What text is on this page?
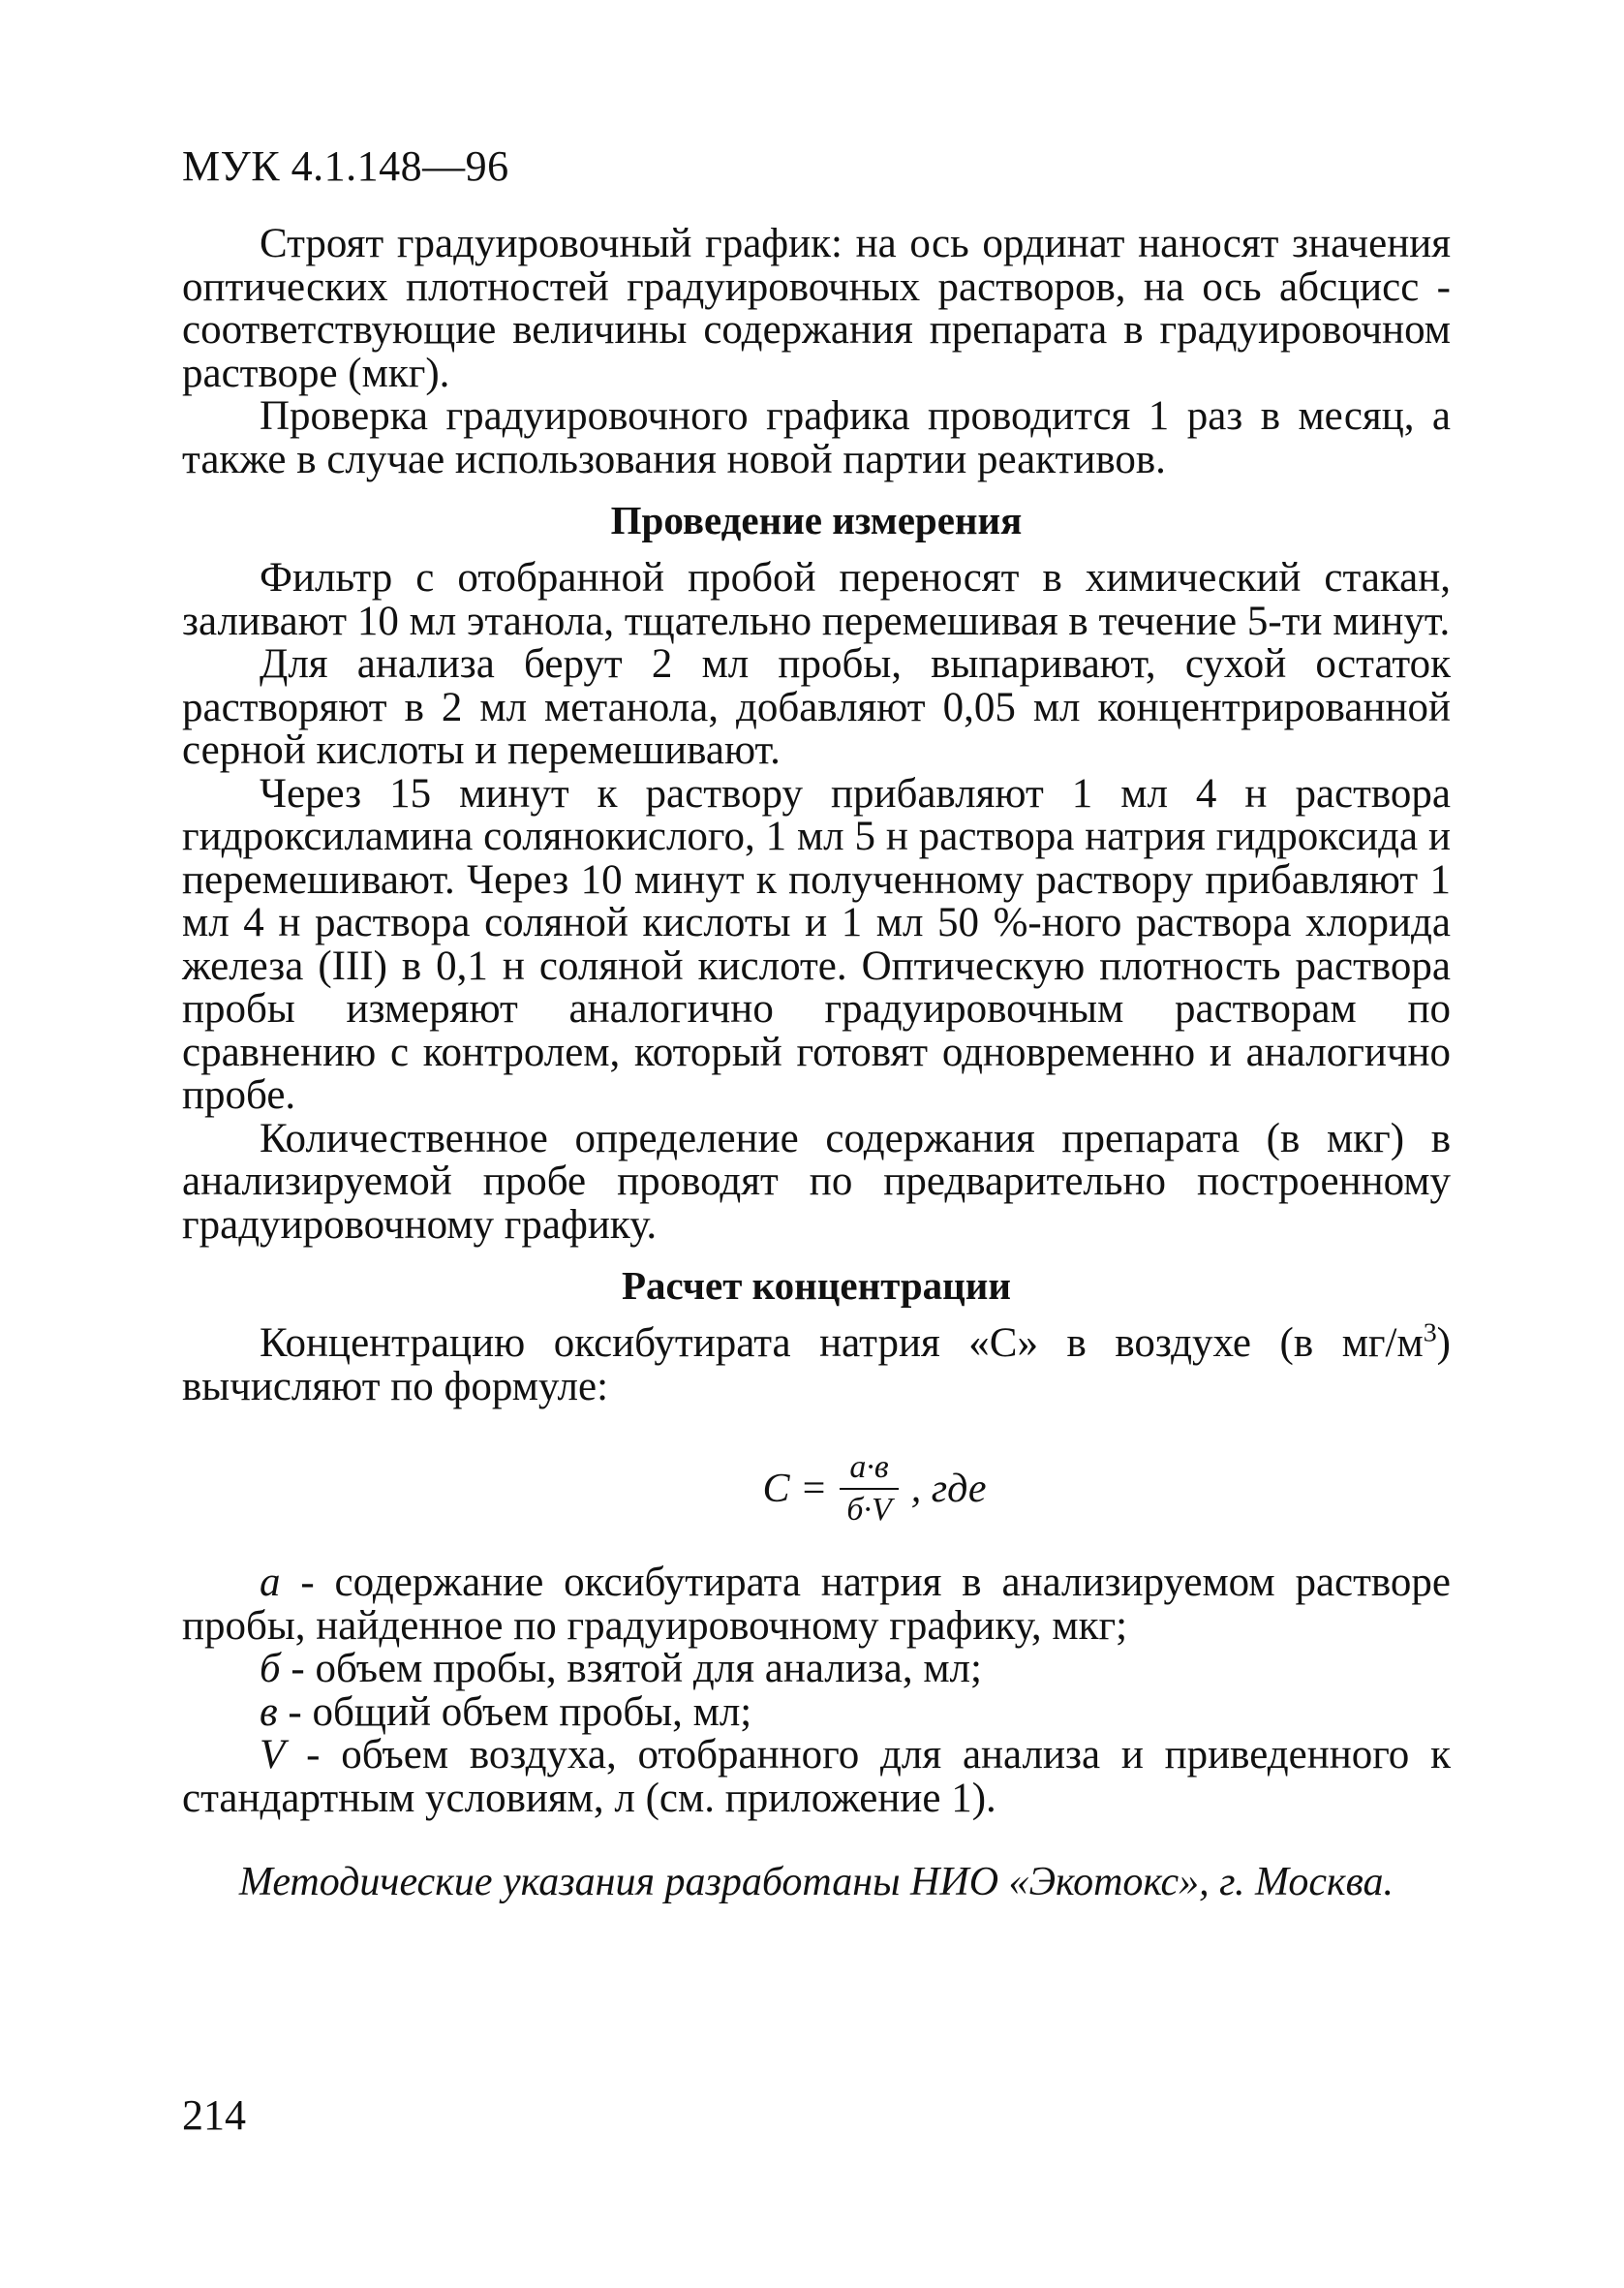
МУК 4.1.148—96

Строят градуировочный график: на ось ординат наносят значения оптических плотностей градуировочных растворов, на ось абсцисс - соответствующие величины содержания препарата в градуировочном растворе (мкг).

Проверка градуировочного графика проводится 1 раз в месяц, а также в случае использования новой партии реактивов.

Проведение измерения

Фильтр с отобранной пробой переносят в химический стакан, заливают 10 мл этанола, тщательно перемешивая в течение 5-ти минут.

Для анализа берут 2 мл пробы, выпаривают, сухой остаток растворяют в 2 мл метанола, добавляют 0,05 мл концентрированной серной кислоты и перемешивают.

Через 15 минут к раствору прибавляют 1 мл 4 н раствора гидроксиламина солянокислого, 1 мл 5 н раствора натрия гидроксида и перемешивают. Через 10 минут к полученному раствору прибавляют 1 мл 4 н раствора соляной кислоты и 1 мл 50 %-ного раствора хлорида железа (III) в 0,1 н соляной кислоте. Оптическую плотность раствора пробы измеряют аналогично градуировочным растворам по сравнению с контролем, который готовят одновременно и аналогично пробе.

Количественное определение содержания препарата (в мкг) в анализируемой пробе проводят по предварительно построенному градуировочному графику.

Расчет концентрации

Концентрацию оксибутирата натрия «С» в воздухе (в $мг/м^3$) вычисляют по формуле:

$С = \frac{а\cdot в}{б\cdot V}$ , где

а - содержание оксибутирата натрия в анализируемом растворе пробы, найденное по градуировочному графику, мкг;

б - объем пробы, взятой для анализа, мл;

в - общий объем пробы, мл;

V - объем воздуха, отобранного для анализа и приведенного к стандартным условиям, л (см. приложение 1).

Методические указания разработаны НИО «Экотокс», г. Москва.

214
